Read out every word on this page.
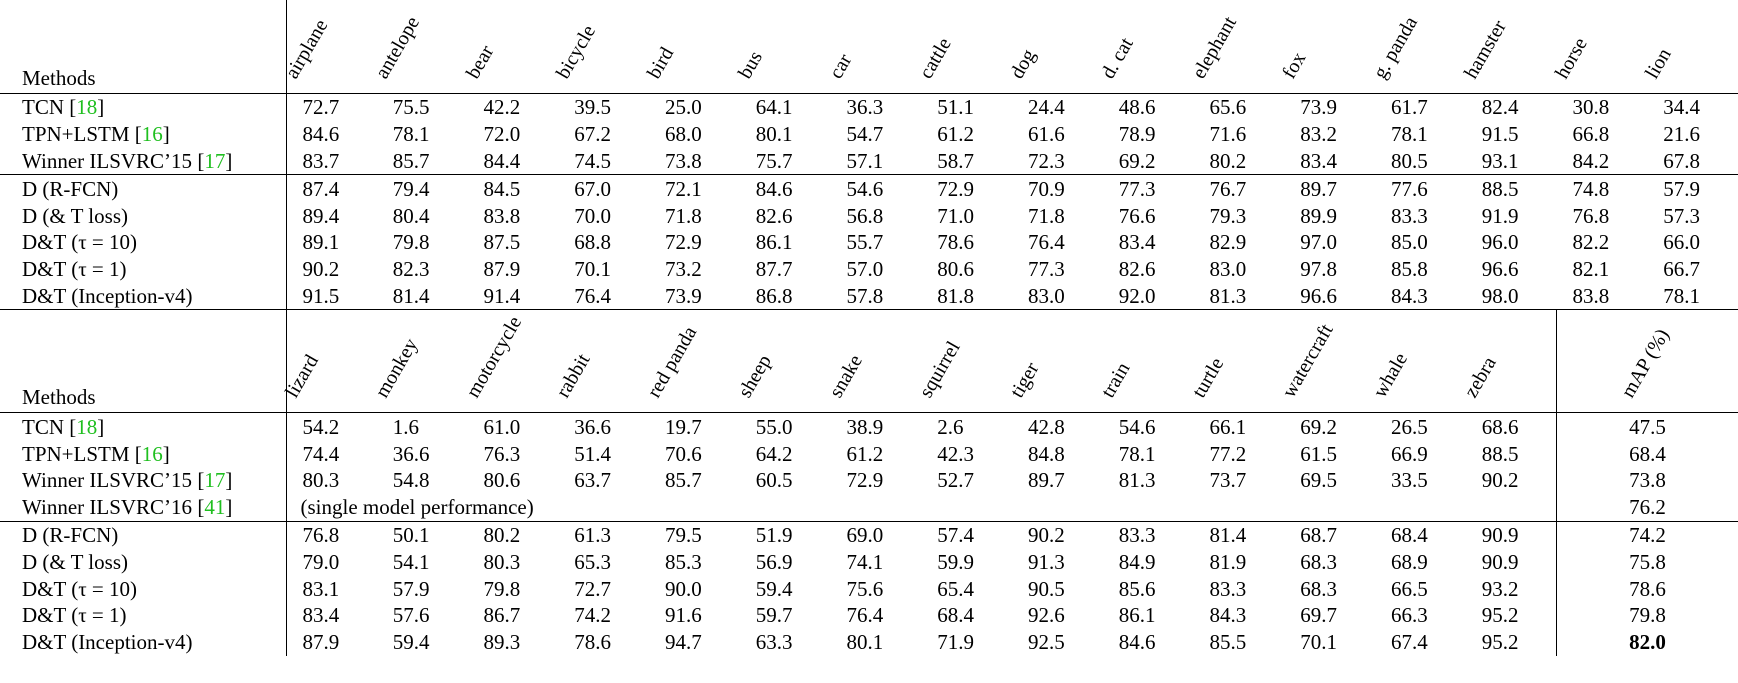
Methods	airplane	antelope	bear	bicycle	bird	bus	car	cattle	dog	d. cat	elephant	fox	g. panda	hamster	horse	lion

TCN [18]	72.7	75.5	42.2	39.5	25.0	64.1	36.3	51.1	24.4	48.6	65.6	73.9	61.7	82.4	30.8	34.4
TPN+LSTM [16]	84.6	78.1	72.0	67.2	68.0	80.1	54.7	61.2	61.6	78.9	71.6	83.2	78.1	91.5	66.8	21.6
Winner ILSVRC’15 [17]	83.7	85.7	84.4	74.5	73.8	75.7	57.1	58.7	72.3	69.2	80.2	83.4	80.5	93.1	84.2	67.8
D (R-FCN)	87.4	79.4	84.5	67.0	72.1	84.6	54.6	72.9	70.9	77.3	76.7	89.7	77.6	88.5	74.8	57.9
D (& T loss)	89.4	80.4	83.8	70.0	71.8	82.6	56.8	71.0	71.8	76.6	79.3	89.9	83.3	91.9	76.8	57.3
D&T (τ = 10)	89.1	79.8	87.5	68.8	72.9	86.1	55.7	78.6	76.4	83.4	82.9	97.0	85.0	96.0	82.2	66.0
D&T (τ = 1)	90.2	82.3	87.9	70.1	73.2	87.7	57.0	80.6	77.3	82.6	83.0	97.8	85.8	96.6	82.1	66.7
D&T (Inception-v4)	91.5	81.4	91.4	76.4	73.9	86.8	57.8	81.8	83.0	92.0	81.3	96.6	84.3	98.0	83.8	78.1
Methods	lizard	monkey	motorcycle	rabbit	red panda	sheep	snake	squirrel	tiger	train	turtle	watercraft	whale	zebra	mAP (%)	

TCN [18]	54.2	1.6	61.0	36.6	19.7	55.0	38.9	2.6	42.8	54.6	66.1	69.2	26.5	68.6	47.5	
TPN+LSTM [16]	74.4	36.6	76.3	51.4	70.6	64.2	61.2	42.3	84.8	78.1	77.2	61.5	66.9	88.5	68.4	
Winner ILSVRC’15 [17]	80.3	54.8	80.6	63.7	85.7	60.5	72.9	52.7	89.7	81.3	73.7	69.5	33.5	90.2	73.8	
Winner ILSVRC’16 [41]	(single model performance)														76.2	
D (R-FCN)	76.8	50.1	80.2	61.3	79.5	51.9	69.0	57.4	90.2	83.3	81.4	68.7	68.4	90.9	74.2	
D (& T loss)	79.0	54.1	80.3	65.3	85.3	56.9	74.1	59.9	91.3	84.9	81.9	68.3	68.9	90.9	75.8	
D&T (τ = 10)	83.1	57.9	79.8	72.7	90.0	59.4	75.6	65.4	90.5	85.6	83.3	68.3	66.5	93.2	78.6	
D&T (τ = 1)	83.4	57.6	86.7	74.2	91.6	59.7	76.4	68.4	92.6	86.1	84.3	69.7	66.3	95.2	79.8	
D&T (Inception-v4)	87.9	59.4	89.3	78.6	94.7	63.3	80.1	71.9	92.5	84.6	85.5	70.1	67.4	95.2	82.0	
